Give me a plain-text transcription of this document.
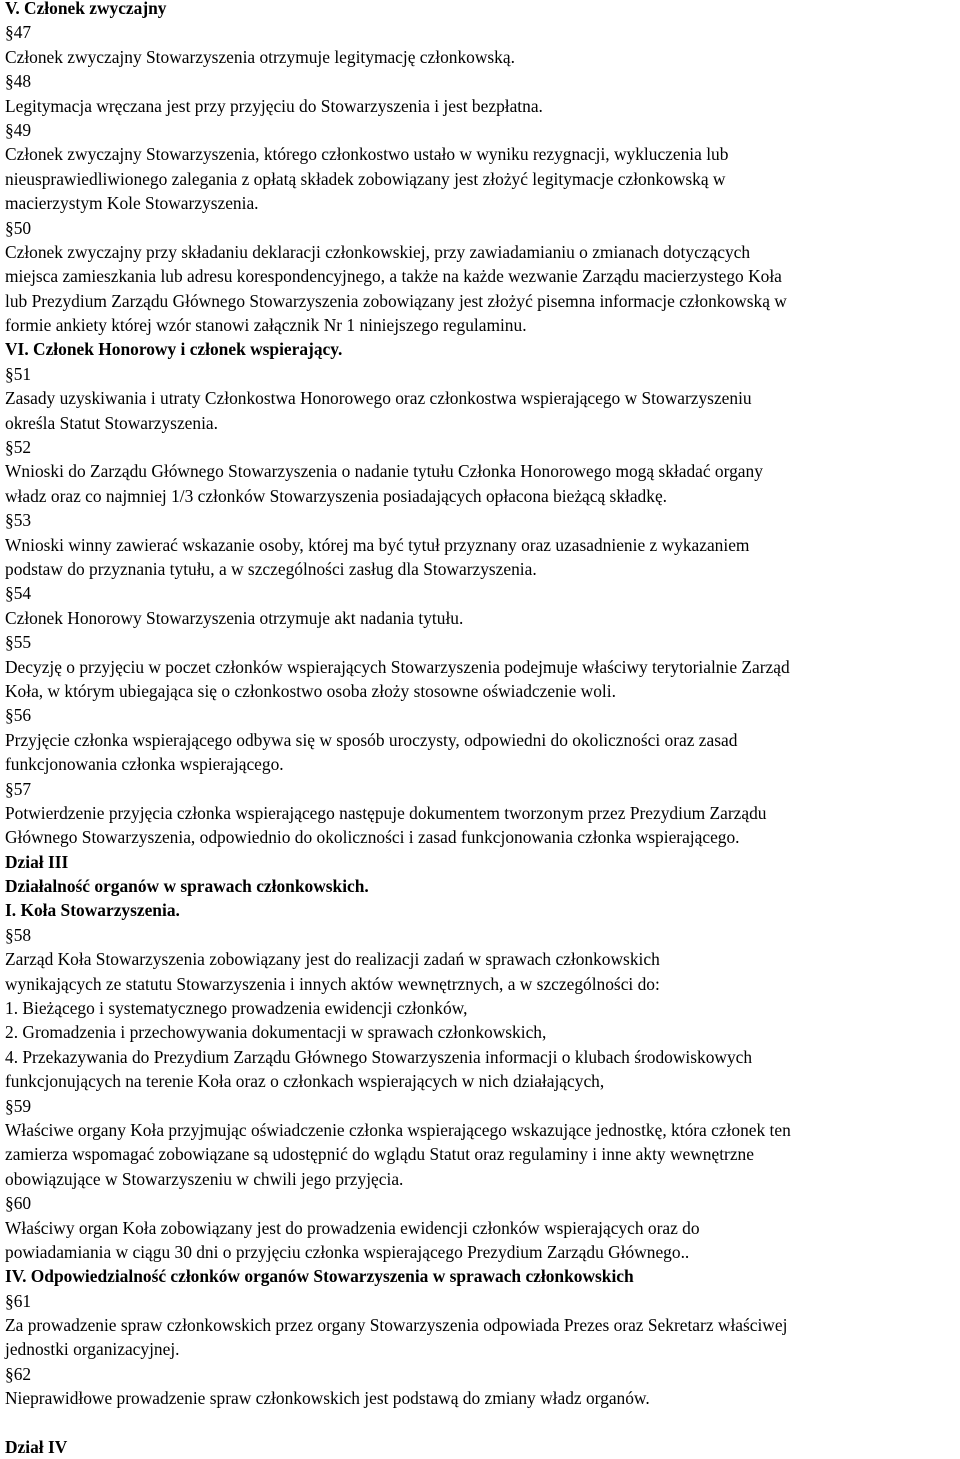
V. Członek zwyczajny
§47
Członek zwyczajny Stowarzyszenia otrzymuje legitymację członkowską.
§48
Legitymacja wręczana jest przy przyjęciu do Stowarzyszenia i jest bezpłatna.
§49
Członek zwyczajny Stowarzyszenia, którego członkostwo ustało w wyniku rezygnacji, wykluczenia lub
nieusprawiedliwionego zalegania z opłatą składek zobowiązany jest złożyć legitymacje członkowską w
macierzystym Kole Stowarzyszenia.
§50
Członek zwyczajny przy składaniu deklaracji członkowskiej, przy zawiadamianiu o zmianach dotyczących
miejsca zamieszkania lub adresu korespondencyjnego, a także na każde wezwanie Zarządu macierzystego Koła
lub Prezydium Zarządu Głównego Stowarzyszenia zobowiązany jest złożyć pisemna informacje członkowską w
formie ankiety której wzór stanowi załącznik Nr 1 niniejszego regulaminu.
VI. Członek Honorowy i członek wspierający.
§51
Zasady uzyskiwania i utraty Członkostwa Honorowego oraz członkostwa wspierającego w Stowarzyszeniu
określa Statut Stowarzyszenia.
§52
Wnioski do Zarządu Głównego Stowarzyszenia o nadanie tytułu Członka Honorowego mogą składać organy
władz oraz co najmniej 1/3 członków Stowarzyszenia posiadających opłacona bieżącą składkę.
§53
Wnioski winny zawierać wskazanie osoby, której ma być tytuł przyznany oraz uzasadnienie z wykazaniem
podstaw do przyznania tytułu, a w szczególności zasług dla Stowarzyszenia.
§54
Członek Honorowy Stowarzyszenia otrzymuje akt nadania tytułu.
§55
Decyzję o przyjęciu w poczet członków wspierających Stowarzyszenia podejmuje właściwy terytorialnie Zarząd
Koła, w którym ubiegająca się o członkostwo osoba złoży stosowne oświadczenie woli.
§56
Przyjęcie członka wspierającego odbywa się w sposób uroczysty, odpowiedni do okoliczności oraz zasad
funkcjonowania członka wspierającego.
§57
Potwierdzenie przyjęcia członka wspierającego następuje dokumentem tworzonym przez Prezydium Zarządu
Głównego Stowarzyszenia, odpowiednio do okoliczności i zasad funkcjonowania członka wspierającego.
Dział III
Działalność organów w sprawach członkowskich.
I. Koła Stowarzyszenia.
§58
Zarząd Koła Stowarzyszenia zobowiązany jest do realizacji zadań w sprawach członkowskich
wynikających ze statutu Stowarzyszenia i innych aktów wewnętrznych, a w szczególności do:
1. Bieżącego i systematycznego prowadzenia ewidencji członków,
2. Gromadzenia i przechowywania dokumentacji w sprawach członkowskich,
4. Przekazywania do Prezydium Zarządu Głównego Stowarzyszenia informacji o klubach środowiskowych
funkcjonujących na terenie Koła oraz o członkach wspierających w nich działających,
§59
Właściwe organy Koła przyjmując oświadczenie członka wspierającego wskazujące jednostkę, która członek ten
zamierza wspomagać zobowiązane są udostępnić do wglądu Statut oraz regulaminy i inne akty wewnętrzne
obowiązujące w Stowarzyszeniu w chwili jego przyjęcia.
§60
Właściwy organ Koła zobowiązany jest do prowadzenia ewidencji członków wspierających oraz do
powiadamiania w ciągu 30 dni o przyjęciu członka wspierającego Prezydium Zarządu Głównego..
IV. Odpowiedzialność członków organów Stowarzyszenia w sprawach członkowskich
§61
Za prowadzenie spraw członkowskich przez organy Stowarzyszenia odpowiada Prezes oraz Sekretarz właściwej
jednostki organizacyjnej.
§62
Nieprawidłowe prowadzenie spraw członkowskich jest podstawą do zmiany władz organów.
Dział IV
